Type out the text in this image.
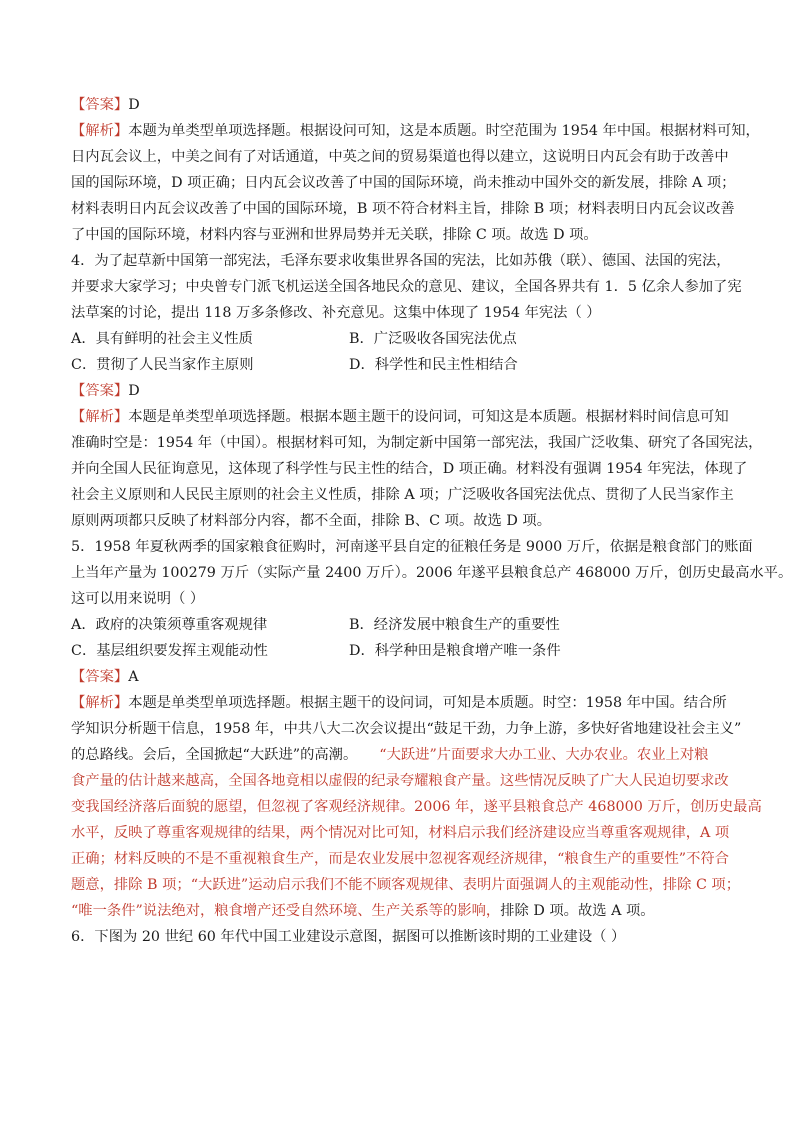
【答案】D
【解析】本题为单类型单项选择题。根据设问可知，这是本质题。时空范围为 1954 年中国。根据材料可知，
日内瓦会议上，中美之间有了对话通道，中英之间的贸易渠道也得以建立，这说明日内瓦会有助于改善中
国的国际环境，D 项正确；日内瓦会议改善了中国的国际环境，尚未推动中国外交的新发展，排除 A 项；
材料表明日内瓦会议改善了中国的国际环境，B 项不符合材料主旨，排除 B 项；材料表明日内瓦会议改善
了中国的国际环境，材料内容与亚洲和世界局势并无关联，排除 C 项。故选 D 项。
4．为了起草新中国第一部宪法，毛泽东要求收集世界各国的宪法，比如苏俄（联）、德国、法国的宪法，
并要求大家学习；中央曾专门派飞机运送全国各地民众的意见、建议，全国各界共有 1．5 亿余人参加了宪
法草案的讨论，提出 118 万多条修改、补充意见。这集中体现了 1954 年宪法（ ）
A．具有鲜明的社会主义性质	B．广泛吸收各国宪法优点
C．贯彻了人民当家作主原则	D．科学性和民主性相结合
【答案】D
【解析】本题是单类型单项选择题。根据本题主题干的设问词，可知这是本质题。根据材料时间信息可知
准确时空是：1954 年（中国）。根据材料可知，为制定新中国第一部宪法，我国广泛收集、研究了各国宪法，
并向全国人民征询意见，这体现了科学性与民主性的结合，D 项正确。材料没有强调 1954 年宪法，体现了
社会主义原则和人民民主原则的社会主义性质，排除 A 项；广泛吸收各国宪法优点、贯彻了人民当家作主
原则两项都只反映了材料部分内容，都不全面，排除 B、C 项。故选 D 项。
5．1958 年夏秋两季的国家粮食征购时，河南遂平县自定的征粮任务是 9000 万斤，依据是粮食部门的账面
上当年产量为 100279 万斤（实际产量 2400 万斤）。2006 年遂平县粮食总产 468000 万斤，创历史最高水平。
这可以用来说明（ ）
A．政府的决策须尊重客观规律	B．经济发展中粮食生产的重要性
C．基层组织要发挥主观能动性	D．科学种田是粮食增产唯一条件
【答案】A
【解析】本题是单类型单项选择题。根据主题干的设问词，可知是本质题。时空：1958 年中国。结合所
学知识分析题干信息，1958 年，中共八大二次会议提出“鼓足干劲，力争上游，多快好省地建设社会主义”
的总路线。会后，全国掀起“大跃进”的高潮。 “大跃进”片面要求大办工业、大办农业。农业上对粮
食产量的估计越来越高，全国各地竟相以虚假的纪录夸耀粮食产量。这些情况反映了广大人民迫切要求改
变我国经济落后面貌的愿望，但忽视了客观经济规律。2006 年，遂平县粮食总产 468000 万斤，创历史最高
水平，反映了尊重客观规律的结果，两个情况对比可知，材料启示我们经济建设应当尊重客观规律，A 项
正确；材料反映的不是不重视粮食生产，而是农业发展中忽视客观经济规律，“粮食生产的重要性”不符合
题意，排除 B 项；“大跃进”运动启示我们不能不顾客观规律、表明片面强调人的主观能动性，排除 C 项；
“唯一条件”说法绝对，粮食增产还受自然环境、生产关系等的影响，排除 D 项。故选 A 项。
6．下图为 20 世纪 60 年代中国工业建设示意图，据图可以推断该时期的工业建设（ ）
